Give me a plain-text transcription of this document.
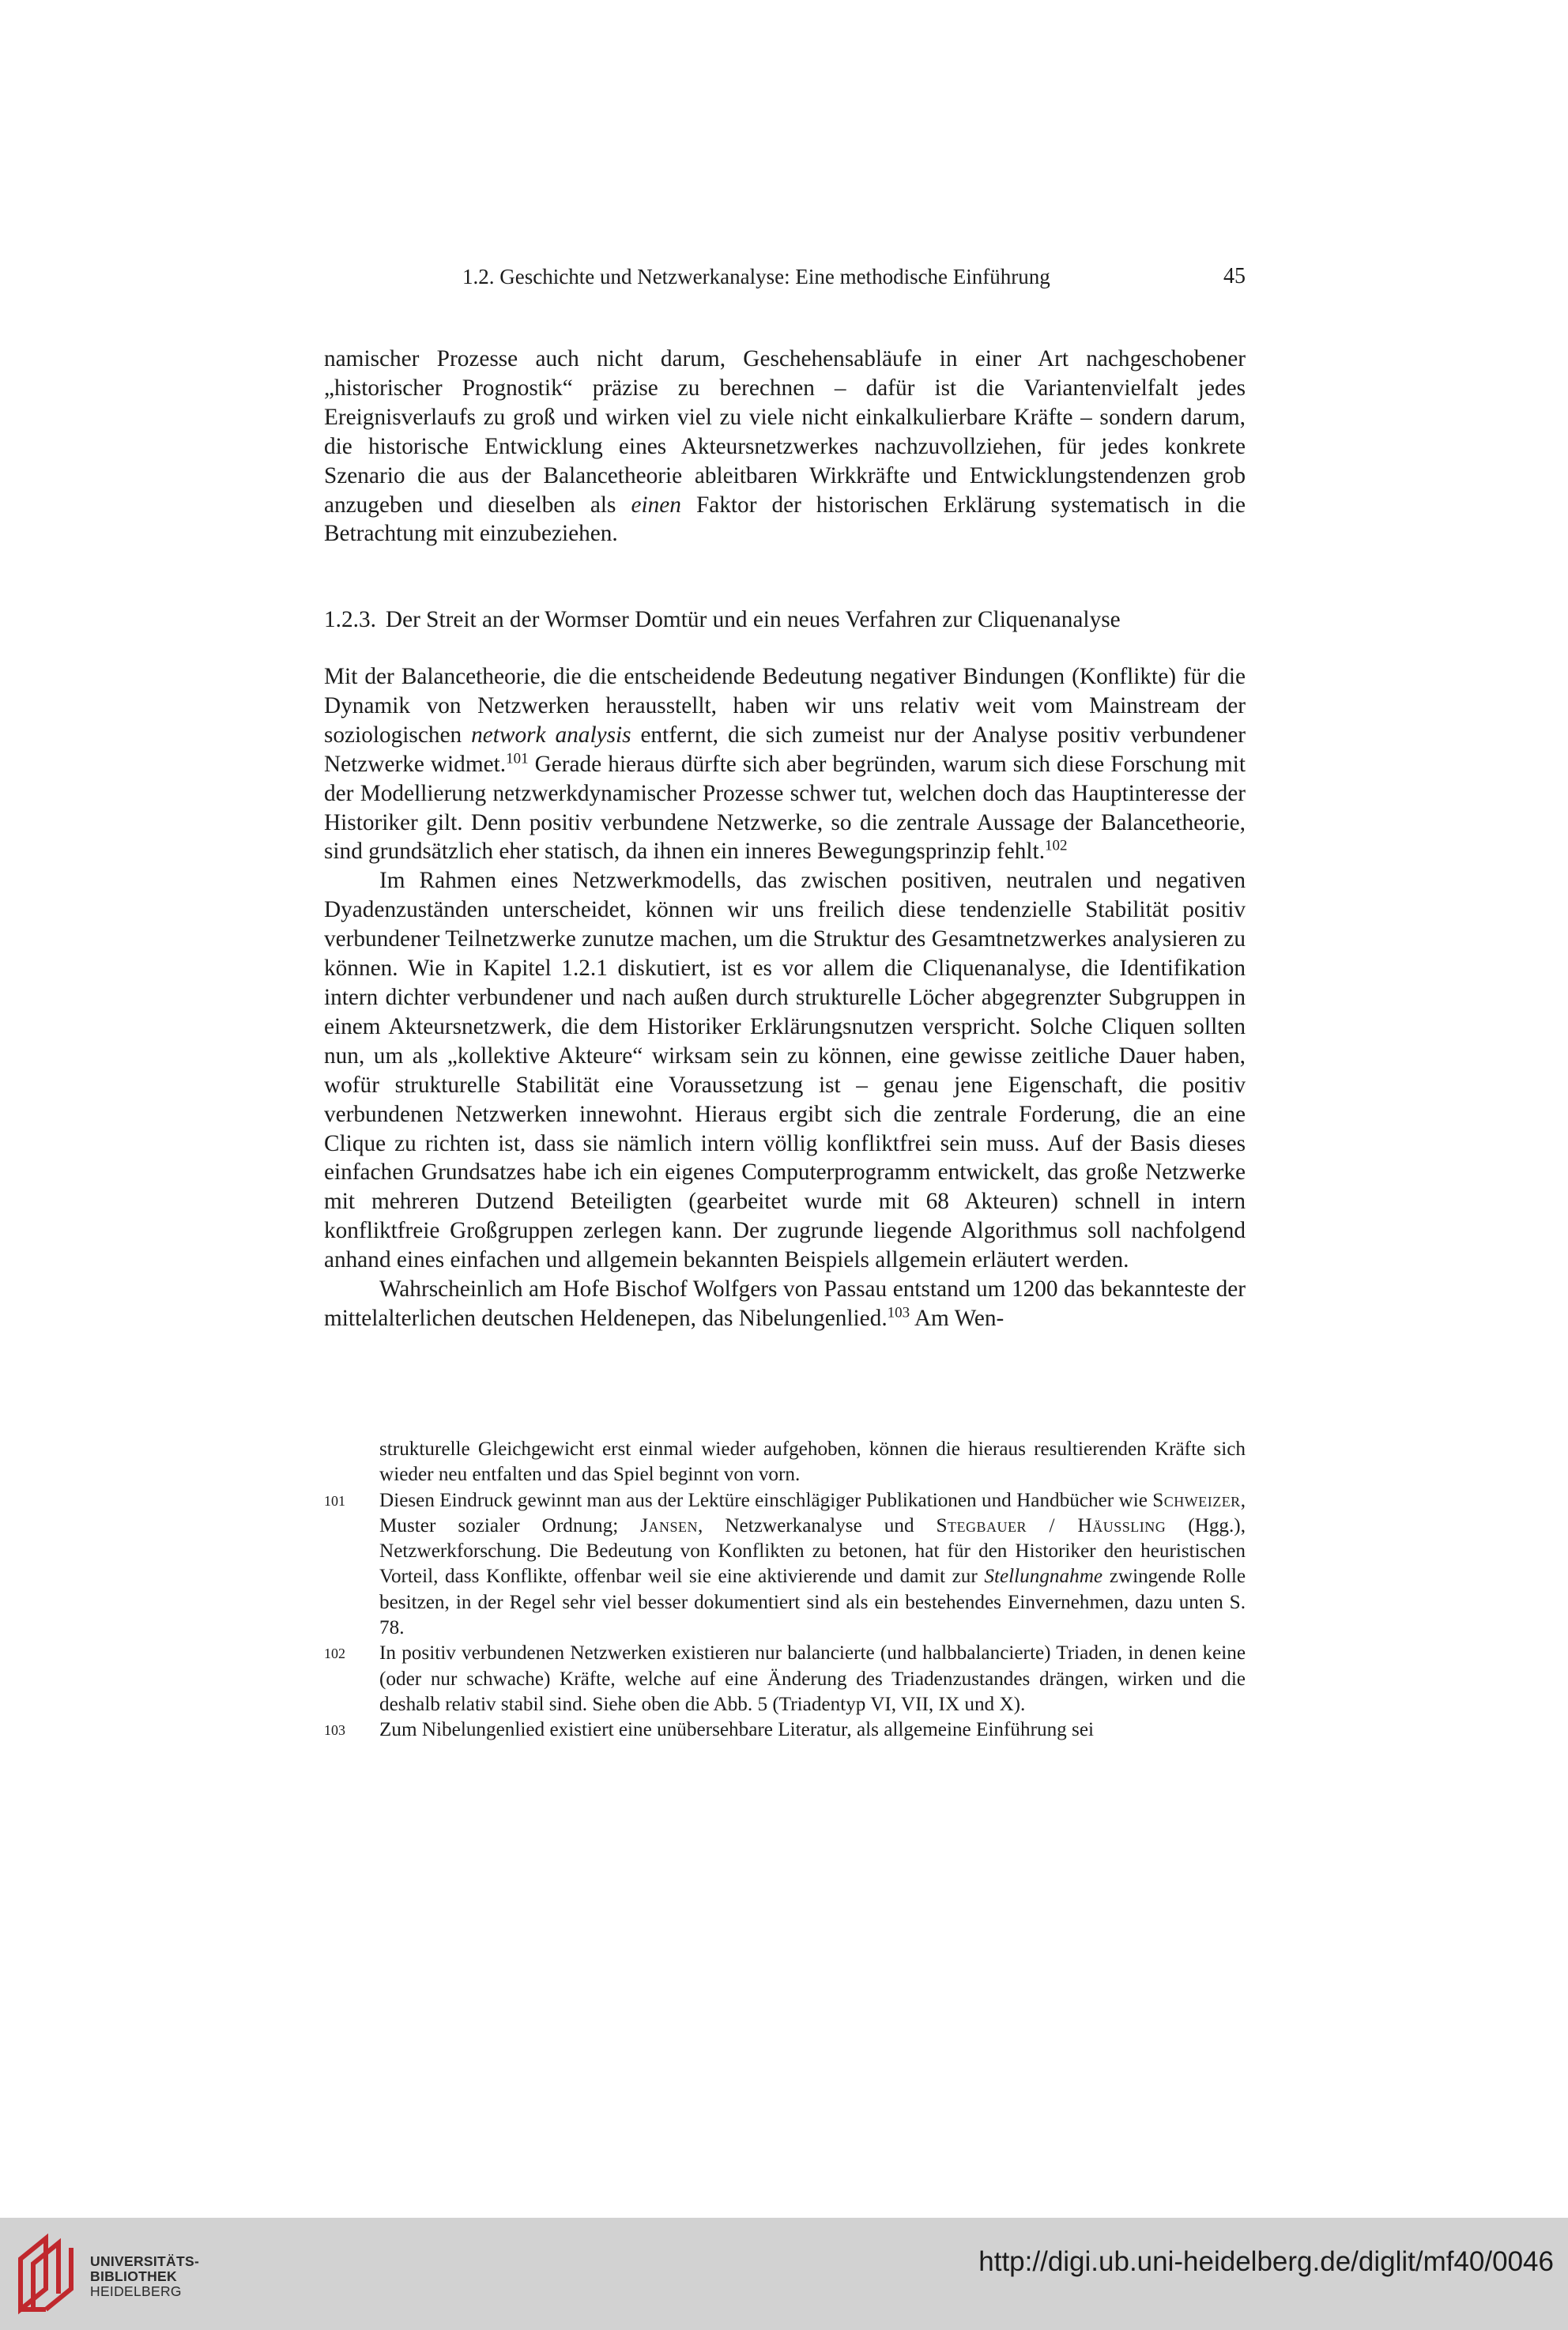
1.2. Geschichte und Netzwerkanalyse: Eine methodische Einführung	45

namischer Prozesse auch nicht darum, Geschehensabläufe in einer Art nachgeschobener „historischer Prognostik“ präzise zu berechnen – dafür ist die Variantenvielfalt jedes Ereignisverlaufs zu groß und wirken viel zu viele nicht einkalkulierbare Kräfte – sondern darum, die historische Entwicklung eines Akteursnetzwerkes nachzuvollziehen, für jedes konkrete Szenario die aus der Balancetheorie ableitbaren Wirkkräfte und Entwicklungstendenzen grob anzugeben und dieselben als einen Faktor der historischen Erklärung systematisch in die Betrachtung mit einzubeziehen.

1.2.3. Der Streit an der Wormser Domtür und ein neues Verfahren zur Cliquenanalyse

Mit der Balancetheorie, die die entscheidende Bedeutung negativer Bindungen (Konflikte) für die Dynamik von Netzwerken herausstellt, haben wir uns relativ weit vom Mainstream der soziologischen network analysis entfernt, die sich zumeist nur der Analyse positiv verbundener Netzwerke widmet.$^{101}$ Gerade hieraus dürfte sich aber begründen, warum sich diese Forschung mit der Modellierung netzwerkdynamischer Prozesse schwer tut, welchen doch das Hauptinteresse der Historiker gilt. Denn positiv verbundene Netzwerke, so die zentrale Aussage der Balancetheorie, sind grundsätzlich eher statisch, da ihnen ein inneres Bewegungsprinzip fehlt.$^{102}$

Im Rahmen eines Netzwerkmodells, das zwischen positiven, neutralen und negativen Dyadenzuständen unterscheidet, können wir uns freilich diese tendenzielle Stabilität positiv verbundener Teilnetzwerke zunutze machen, um die Struktur des Gesamtnetzwerkes analysieren zu können. Wie in Kapitel 1.2.1 diskutiert, ist es vor allem die Cliquenanalyse, die Identifikation intern dichter verbundener und nach außen durch strukturelle Löcher abgegrenzter Subgruppen in einem Akteursnetzwerk, die dem Historiker Erklärungsnutzen verspricht. Solche Cliquen sollten nun, um als „kollektive Akteure“ wirksam sein zu können, eine gewisse zeitliche Dauer haben, wofür strukturelle Stabilität eine Voraussetzung ist – genau jene Eigenschaft, die positiv verbundenen Netzwerken innewohnt. Hieraus ergibt sich die zentrale Forderung, die an eine Clique zu richten ist, dass sie nämlich intern völlig konfliktfrei sein muss. Auf der Basis dieses einfachen Grundsatzes habe ich ein eigenes Computerprogramm entwickelt, das große Netzwerke mit mehreren Dutzend Beteiligten (gearbeitet wurde mit 68 Akteuren) schnell in intern konfliktfreie Großgruppen zerlegen kann. Der zugrunde liegende Algorithmus soll nachfolgend anhand eines einfachen und allgemein bekannten Beispiels allgemein erläutert werden.

Wahrscheinlich am Hofe Bischof Wolfgers von Passau entstand um 1200 das bekannteste der mittelalterlichen deutschen Heldenepen, das Nibelungenlied.$^{103}$ Am Wen-

strukturelle Gleichgewicht erst einmal wieder aufgehoben, können die hieraus resultierenden Kräfte sich wieder neu entfalten und das Spiel beginnt von vorn.
101 Diesen Eindruck gewinnt man aus der Lektüre einschlägiger Publikationen und Handbücher wie Schweizer, Muster sozialer Ordnung; Jansen, Netzwerkanalyse und Stegbauer / Häussling (Hgg.), Netzwerkforschung. Die Bedeutung von Konflikten zu betonen, hat für den Historiker den heuristischen Vorteil, dass Konflikte, offenbar weil sie eine aktivierende und damit zur Stellungnahme zwingende Rolle besitzen, in der Regel sehr viel besser dokumentiert sind als ein bestehendes Einvernehmen, dazu unten S. 78.
102 In positiv verbundenen Netzwerken existieren nur balancierte (und halbbalancierte) Triaden, in denen keine (oder nur schwache) Kräfte, welche auf eine Änderung des Triadenzustandes drängen, wirken und die deshalb relativ stabil sind. Siehe oben die Abb. 5 (Triadentyp VI, VII, IX und X).
103 Zum Nibelungenlied existiert eine unübersehbare Literatur, als allgemeine Einführung sei
UNIVERSITÄTS-
BIBLIOTHEK
HEIDELBERG
http://digi.ub.uni-heidelberg.de/diglit/mf40/0046
